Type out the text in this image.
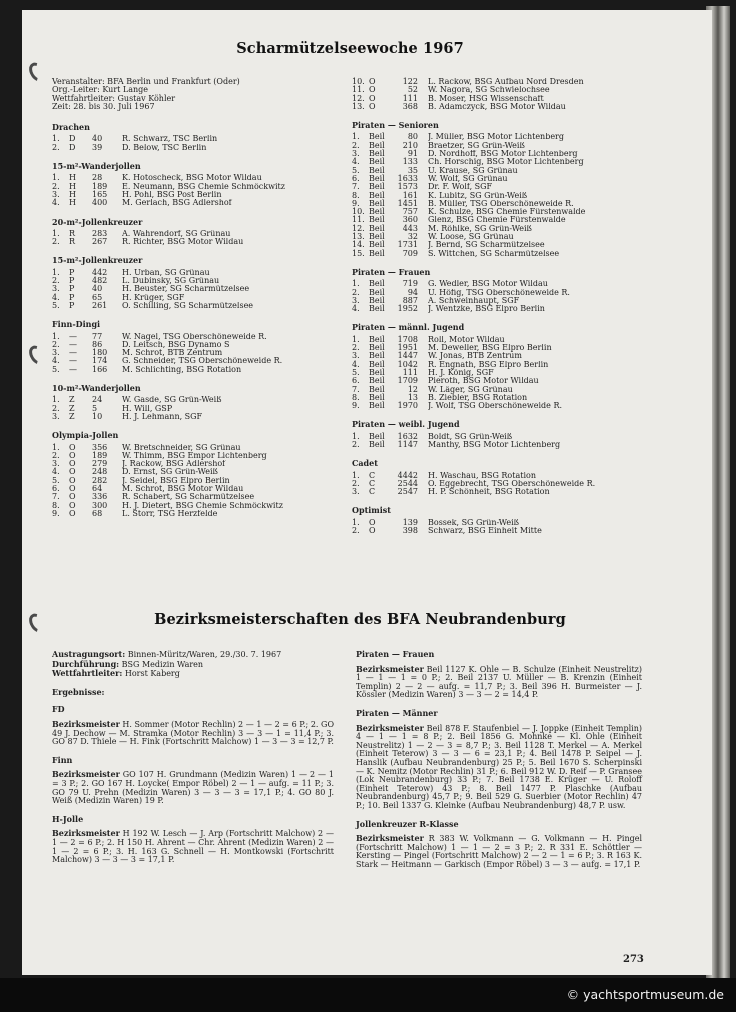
Scharmützelseewoche 1967
Veranstalter: BFA Berlin und Frankfurt (Oder)
Org.-Leiter: Kurt Lange
Wettfahrtleiter: Gustav Köhler
Zeit: 28. bis 30. Juli 1967
Drachen
1.	D	40	R. Schwarz, TSC Berlin
2.	D	39	D. Below, TSC Berlin
15-m²-Wanderjollen
1.	H	28	K. Hotoscheck, BSG Motor Wildau
2.	H	189	E. Neumann, BSG Chemie Schmöckwitz
3.	H	165	H. Pohl, BSG Post Berlin
4.	H	400	M. Gerlach, BSG Adlershof
20-m²-Jollenkreuzer
1.	R	283	A. Wahrendorf, SG Grünau
2.	R	267	R. Richter, BSG Motor Wildau
15-m²-Jollenkreuzer
1.	P	442	H. Urban, SG Grünau
2.	P	482	L. Dubinsky, SG Grünau
3.	P	40	H. Beuster, SG Scharmützelsee
4.	P	65	H. Krüger, SGF
5.	P	261	O. Schilling, SG Scharmützelsee
Finn-Dingi
1.	—	77	W. Nagel, TSG Oberschöneweide R.
2.	—	86	D. Leitsch, BSG Dynamo S
3.	—	180	M. Schrot, BTB Zentrum
4.	—	174	G. Schneider, TSG Oberschöneweide R.
5.	—	166	M. Schlichting, BSG Rotation
10-m²-Wanderjollen
1.	Z	24	W. Gasde, SG Grün-Weiß
2.	Z	5	H. Will, GSP
3.	Z	10	H. J. Lehmann, SGF
Olympia-Jollen
1.	O	356	W. Bretschneider, SG Grünau
2.	O	189	W. Thimm, BSG Empor Lichtenberg
3.	O	279	J. Rackow, BSG Adlershof
4.	O	248	D. Ernst, SG Grün-Weiß
5.	O	282	J. Seidel, BSG Elpro Berlin
6.	O	64	M. Schrot, BSG Motor Wildau
7.	O	336	R. Schabert, SG Scharmützelsee
8.	O	300	H. J. Dietert, BSG Chemie Schmöckwitz
9.	O	68	L. Storr, TSG Herzfelde
10. O	122	L. Rackow, BSG Aufbau Nord Dresden
11. O	52	W. Nagora, SG Schwielochsee
12. O	111	B. Moser, HSG Wissenschaft
13. O	368	B. Adamczyck, BSG Motor Wildau
Piraten — Senioren
1.	Beil	80	J. Müller, BSG Motor Lichtenberg
2.	Beil	210	Braetzer, SG Grün-Weiß
3.	Beil	91	D. Nordhoff, BSG Motor Lichtenberg
4.	Beil	133	Ch. Horschig, BSG Motor Lichtenberg
5.	Beil	35	U. Krause, SG Grünau
6.	Beil	1633	W. Wolf, SG Grünau
7.	Beil	1573	Dr. F. Wolf, SGF
8.	Beil	161	K. Lubitz, SG Grün-Weiß
9.	Beil	1451	B. Müller, TSG Oberschöneweide R.
10. Beil	757	K. Schulze, BSG Chemie Fürstenwalde
11. Beil	360	Glenz, BSG Chemie Fürstenwalde
12. Beil	443	M. Röhlke, SG Grün-Weiß
13. Beil	32	W. Loose, SG Grünau
14. Beil	1731	J. Bernd, SG Scharmützelsee
15. Beil	709	S. Wittchen, SG Scharmützelsee
Piraten — Frauen
1.	Beil	719	G. Wedler, BSG Motor Wildau
2.	Beil	94	U. Höfig, TSG Oberschöneweide R.
3.	Beil	887	A. Schweinhaupt, SGF
4.	Beil	1952	J. Wentzke, BSG Elpro Berlin
Piraten — männl. Jugend
1.	Beil	1708	Roll, Motor Wildau
2.	Beil	1951	M. Deweller, BSG Elpro Berlin
3.	Beil	1447	W. Jonas, BTB Zentrum
4.	Beil	1042	R. Engnath, BSG Elpro Berlin
5.	Beil	111	H. J. König, SGF
6.	Beil	1709	Pieroth, BSG Motor Wildau
7.	Beil	12	W. Läger, SG Grünau
8.	Beil	13	B. Ziebler, BSG Rotation
9.	Beil	1970	J. Wolf, TSG Oberschöneweide R.
Piraten — weibl. Jugend
1.	Beil	1632	Boldt, SG Grün-Weiß
2.	Beil	1147	Manthy, BSG Motor Lichtenberg
Cadet
1.	C	4442	H. Waschau, BSG Rotation
2.	C	2544	O. Eggebrecht, TSG Oberschöneweide R.
3.	C	2547	H. P. Schönheit, BSG Rotation
Optimist
1.	O	139	Bossek, SG Grün-Weiß
2.	O	398	Schwarz, BSG Einheit Mitte
Bezirksmeisterschaften des BFA Neubrandenburg
Austragungsort: Binnen-Müritz/Waren, 29./30. 7. 1967
Durchführung: BSG Medizin Waren
Wettfahrtleiter: Horst Kaberg
Ergebnisse:
FD
Bezirksmeister H. Sommer (Motor Rechlin) 2 — 1 — 2 = 6 P.; 2. GO 49 J. Dechow — M. Stramka (Motor Rechlin) 3 — 3 — 1 = 11,4 P.; 3. GO 87 D. Thiele — H. Fink (Fortschritt Malchow) 1 — 3 — 3 = 12,7 P.
Finn
Bezirksmeister GO 107 H. Grundmann (Medizin Waren) 1 — 2 — 1 = 3 P.; 2. GO 167 H. Loycke( Empor Röbel) 2 — 1 — aufg. = 11 P.; 3. GO 79 U. Prehn (Medizin Waren) 3 — 3 — 3 = 17,1 P.; 4. GO 80 J. Weiß (Medizin Waren) 19 P.
H-Jolle
Bezirksmeister H 192 W. Lesch — J. Arp (Fortschritt Malchow) 2 — 1 — 2 = 6 P.; 2. H 150 H. Ahrent — Chr. Ahrent (Medizin Waren) 2 — 1 — 2 = 6 P.; 3. H. 163 G. Schnell — H. Montkowski (Fortschritt Malchow) 3 — 3 — 3 = 17,1 P.
Piraten — Frauen
Bezirksmeister Beil 1127 K. Ohle — B. Schulze (Einheit Neustrelitz) 1 — 1 — 1 = 0 P.; 2. Beil 2137 U. Müller — B. Krenzin (Einheit Templin) 2 — 2 — aufg. = 11,7 P.; 3. Beil 396 H. Burmeister — J. Kössler (Medizin Waren) 3 — 3 — 2 = 14,4 P.
Piraten — Männer
Bezirksmeister Beil 878 F. Staufenbiel — J. Joppke (Einheit Templin) 4 — 1 — 1 = 8 P.; 2. Beil 1856 G. Mohnke — Kl. Ohle (Einheit Neustrelitz) 1 — 2 — 3 = 8,7 P.; 3. Beil 1128 T. Merkel — A. Merkel (Einheit Teterow) 3 — 3 — 6 = 23,1 P.; 4. Beil 1478 P. Seipel — J. Hanslik (Aufbau Neubrandenburg) 25 P.; 5. Beil 1670 S. Scherpinski — K. Nemitz (Motor Rechlin) 31 P.; 6. Beil 912 W. D. Reif — P. Gransee (Lok Neubrandenburg) 33 P.; 7. Beil 1738 E. Krüger — U. Roloff (Einheit Teterow) 43 P.; 8. Beil 1477 P. Plaschke (Aufbau Neubrandenburg) 45,7 P.; 9. Beil 529 G. Suerbier (Motor Rechlin) 47 P.; 10. Beil 1337 G. Kleinke (Aufbau Neubrandenburg) 48,7 P. usw.
Jollenkreuzer R-Klasse
Bezirksmeister R 383 W. Volkmann — G. Volkmann — H. Pingel (Fortschritt Malchow) 1 — 1 — 2 = 3 P.; 2. R 331 E. Schöttler — Kersting — Pingel (Fortschritt Malchow) 2 — 2 — 1 = 6 P.; 3. R 163 K. Stark — Heitmann — Garkisch (Empor Röbel) 3 — 3 — aufg. = 17,1 P.
273
© yachtsportmuseum.de
